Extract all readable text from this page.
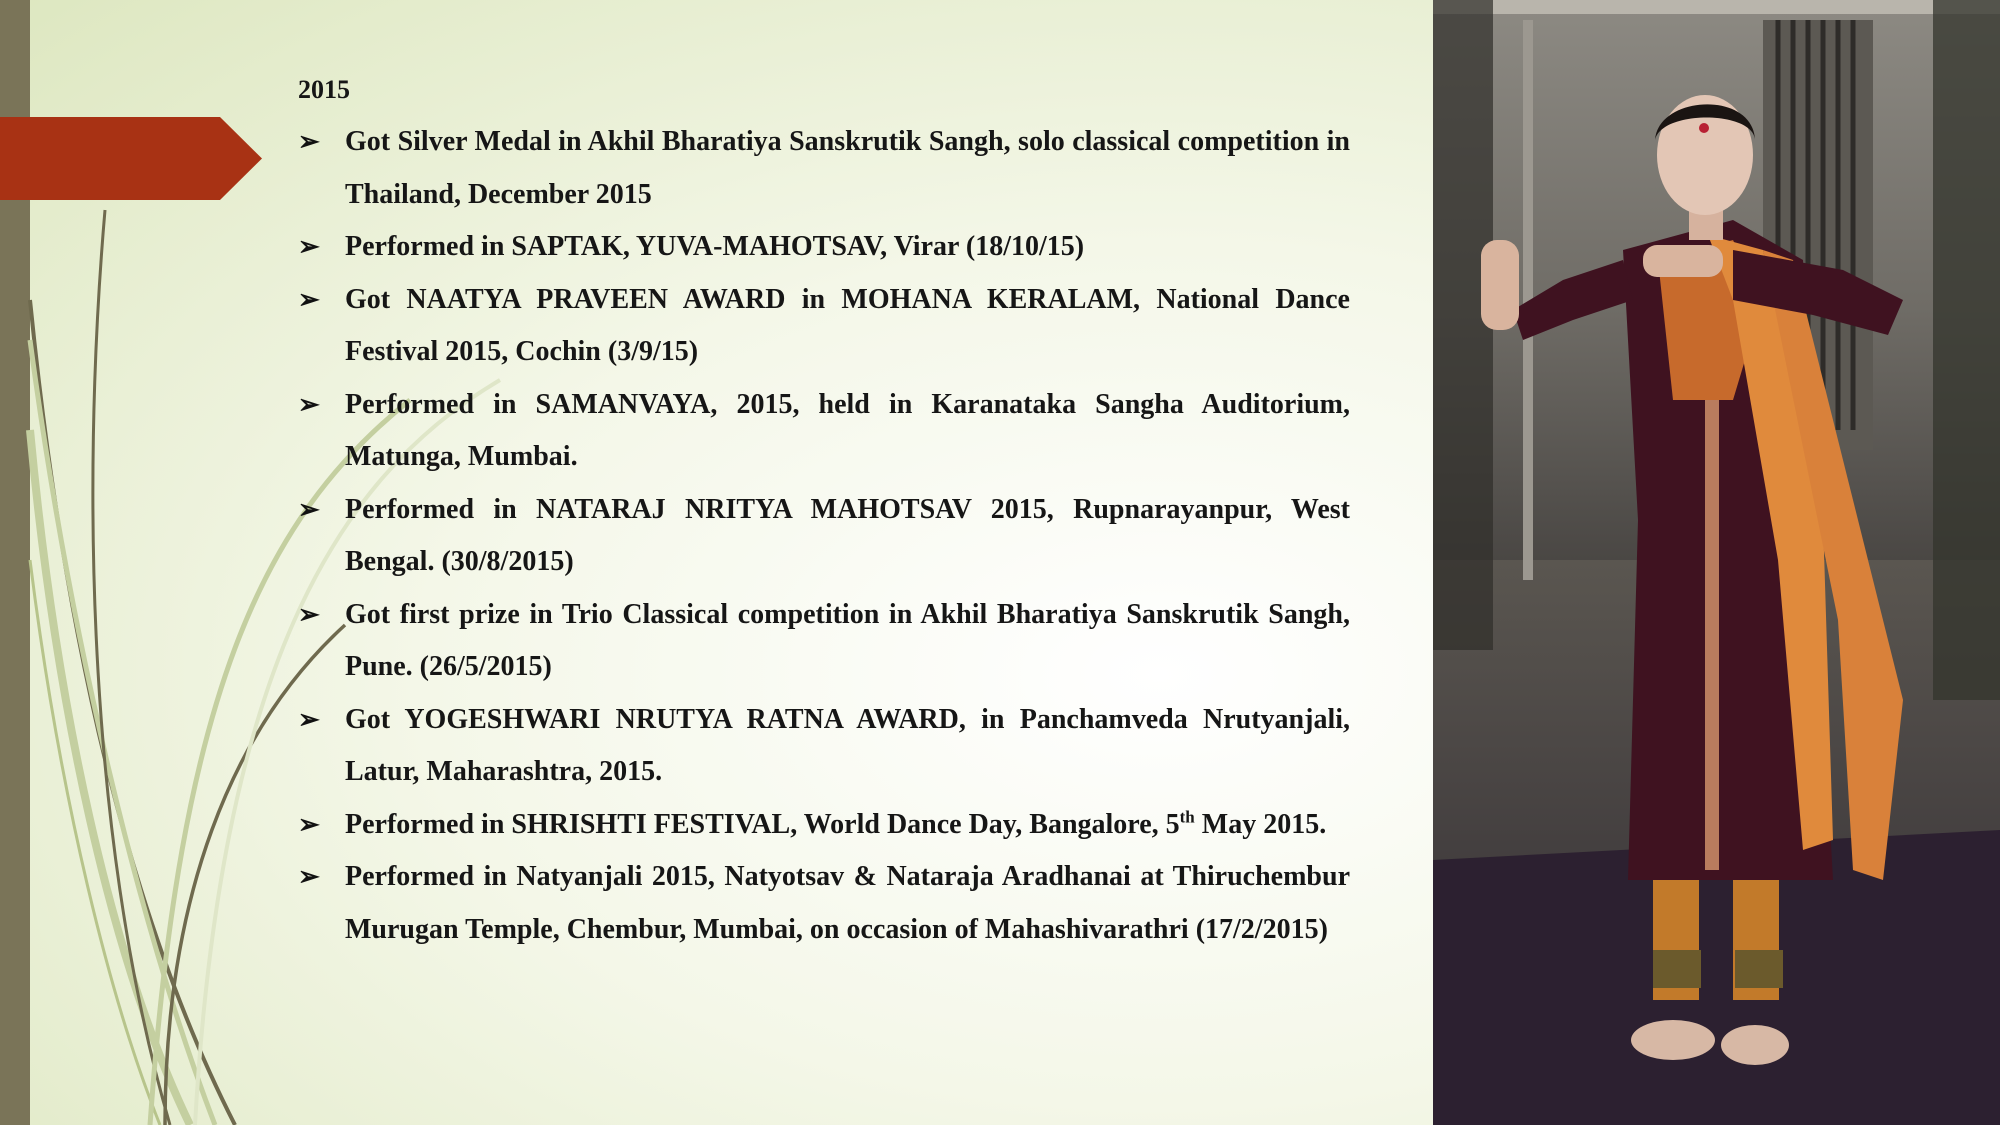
2015
➢ Got Silver Medal in Akhil Bharatiya Sanskrutik Sangh, solo classical competition in Thailand, December 2015
➢ Performed in SAPTAK, YUVA-MAHOTSAV, Virar (18/10/15)
➢ Got NAATYA PRAVEEN AWARD in MOHANA KERALAM, National Dance Festival 2015, Cochin (3/9/15)
➢ Performed in SAMANVAYA, 2015, held in Karanataka Sangha Auditorium, Matunga, Mumbai.
➢ Performed in NATARAJ NRITYA MAHOTSAV 2015, Rupnarayanpur, West Bengal. (30/8/2015)
➢ Got first prize in Trio Classical competition in Akhil Bharatiya Sanskrutik Sangh, Pune. (26/5/2015)
➢ Got YOGESHWARI NRUTYA RATNA AWARD, in Panchamveda Nrutyanjali, Latur, Maharashtra, 2015.
➢ Performed in SHRISHTI FESTIVAL, World Dance Day, Bangalore, 5th May 2015.
➢ Performed in Natyanjali 2015, Natyotsav & Nataraja Aradhanai at Thiruchembur Murugan Temple, Chembur, Mumbai, on occasion of Mahashivarathri (17/2/2015)
